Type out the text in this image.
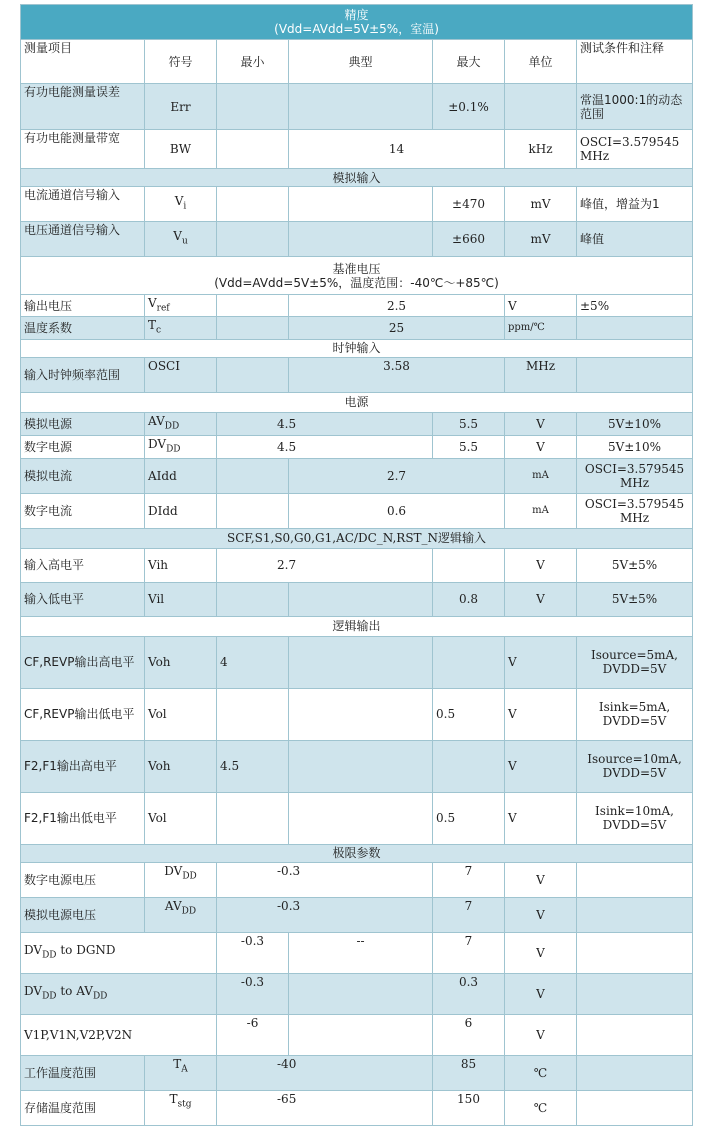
精度
(Vdd=AVdd=5V±5%，室温)						

测量项目	符号	最小	典型	最大	单位	测试条件和注释
有功电能测量误差	Err			±0.1%		常温1000:1的动态范围
有功电能测量带宽	BW		14		kHz	OSCI=3.579545MHz
模拟输入						
电流通道信号输入	$V_i$			±470	mV	峰值，增益为1
电压通道信号输入	$V_u$			±660	mV	峰值

基准电压
(Vdd=AVdd=5V±5%，温度范围：-40℃～+85℃)						

输出电压	$V_{ref}$		2.5		V	±5%
温度系数	$T_c$		25		ppm/℃	
时钟输入						
输入时钟频率范围	OSCI		3.58		MHz	
电源						
模拟电源	$AV_{DD}$	4.5		5.5	V	5V±10%
数字电源	$DV_{DD}$	4.5		5.5	V	5V±10%
模拟电流	AIdd		2.7		mA	OSCI=3.579545MHz
数字电流	DIdd		0.6		mA	OSCI=3.579545MHz
SCF,S1,S0,G0,G1,AC/DC_N,RST_N逻辑输入						
输入高电平	Vih	2.7			V	5V±5%
输入低电平	Vil			0.8	V	5V±5%
逻辑输出						
CF,REVP输出高电平	Voh	4			V	Isource=5mA,
DVDD=5V

CF,REVP输出低电平	Vol			0.5	V	Isink=5mA,
DVDD=5V

F2,F1输出高电平	Voh	4.5			V	Isource=10mA,
DVDD=5V

F2,F1输出低电平	Vol			0.5	V	Isink=10mA,
DVDD=5V

极限参数						
数字电源电压	$DV_{DD}$	-0.3		7	V	
模拟电源电压	$AV_{DD}$	-0.3		7	V	
$DV_{DD}$ to DGND		-0.3	--	7	V	
$DV_{DD}$ to $AV_{DD}$		-0.3		0.3	V	
V1P,V1N,V2P,V2N		-6		6	V	
工作温度范围	$T_A$	-40		85	℃	
存储温度范围	$T_{stg}$	-65		150	℃	
